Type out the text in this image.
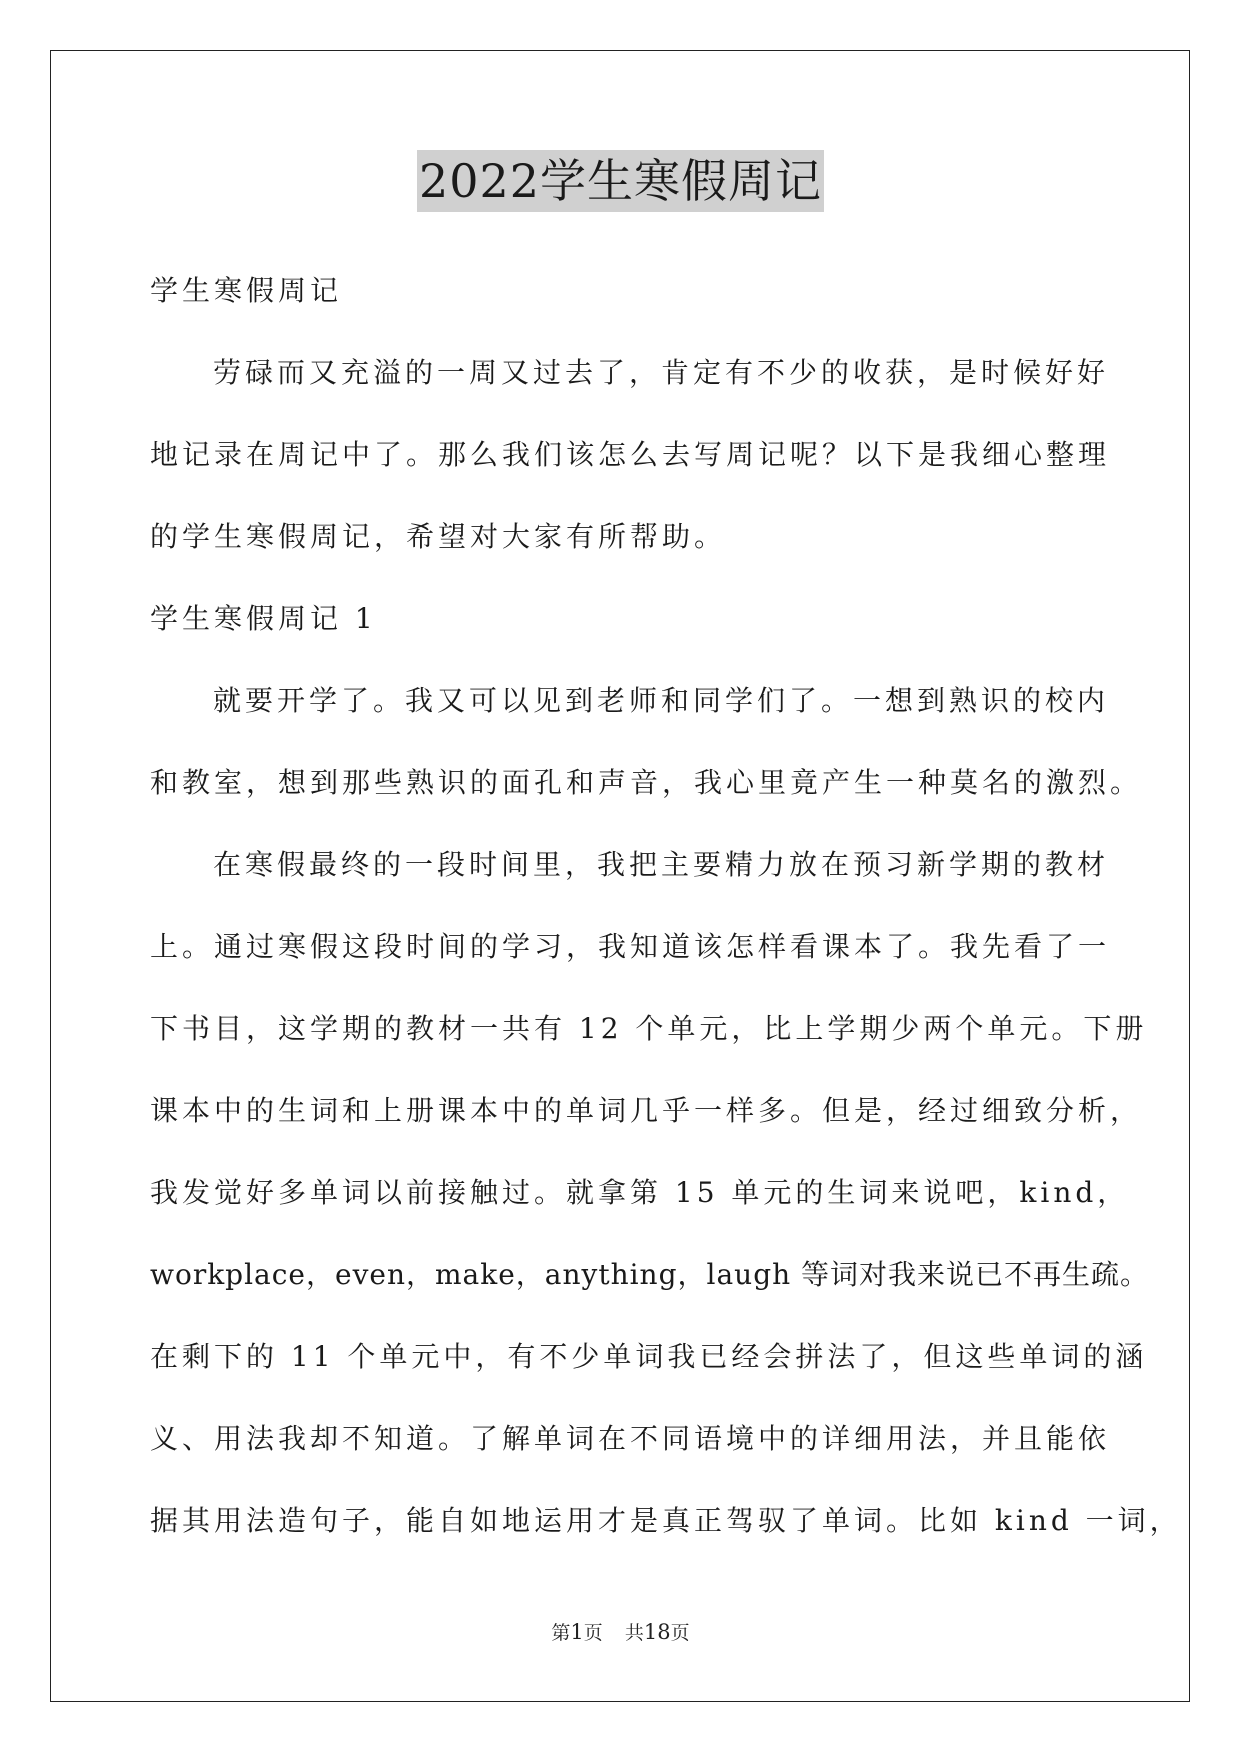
2022学生寒假周记
学生寒假周记
劳碌而又充溢的一周又过去了，肯定有不少的收获，是时候好好
地记录在周记中了。那么我们该怎么去写周记呢？以下是我细心整理
的学生寒假周记，希望对大家有所帮助。
学生寒假周记 1
就要开学了。我又可以见到老师和同学们了。一想到熟识的校内
和教室，想到那些熟识的面孔和声音，我心里竟产生一种莫名的激烈。
在寒假最终的一段时间里，我把主要精力放在预习新学期的教材
上。通过寒假这段时间的学习，我知道该怎样看课本了。我先看了一
下书目，这学期的教材一共有 12 个单元，比上学期少两个单元。下册
课本中的生词和上册课本中的单词几乎一样多。但是，经过细致分析，
我发觉好多单词以前接触过。就拿第 15 单元的生词来说吧，kind，
workplace，even，make，anything，laugh 等词对我来说已不再生疏。
在剩下的 11 个单元中，有不少单词我已经会拼法了，但这些单词的涵
义、用法我却不知道。了解单词在不同语境中的详细用法，并且能依
据其用法造句子，能自如地运用才是真正驾驭了单词。比如 kind 一词，
第1页 共18页
